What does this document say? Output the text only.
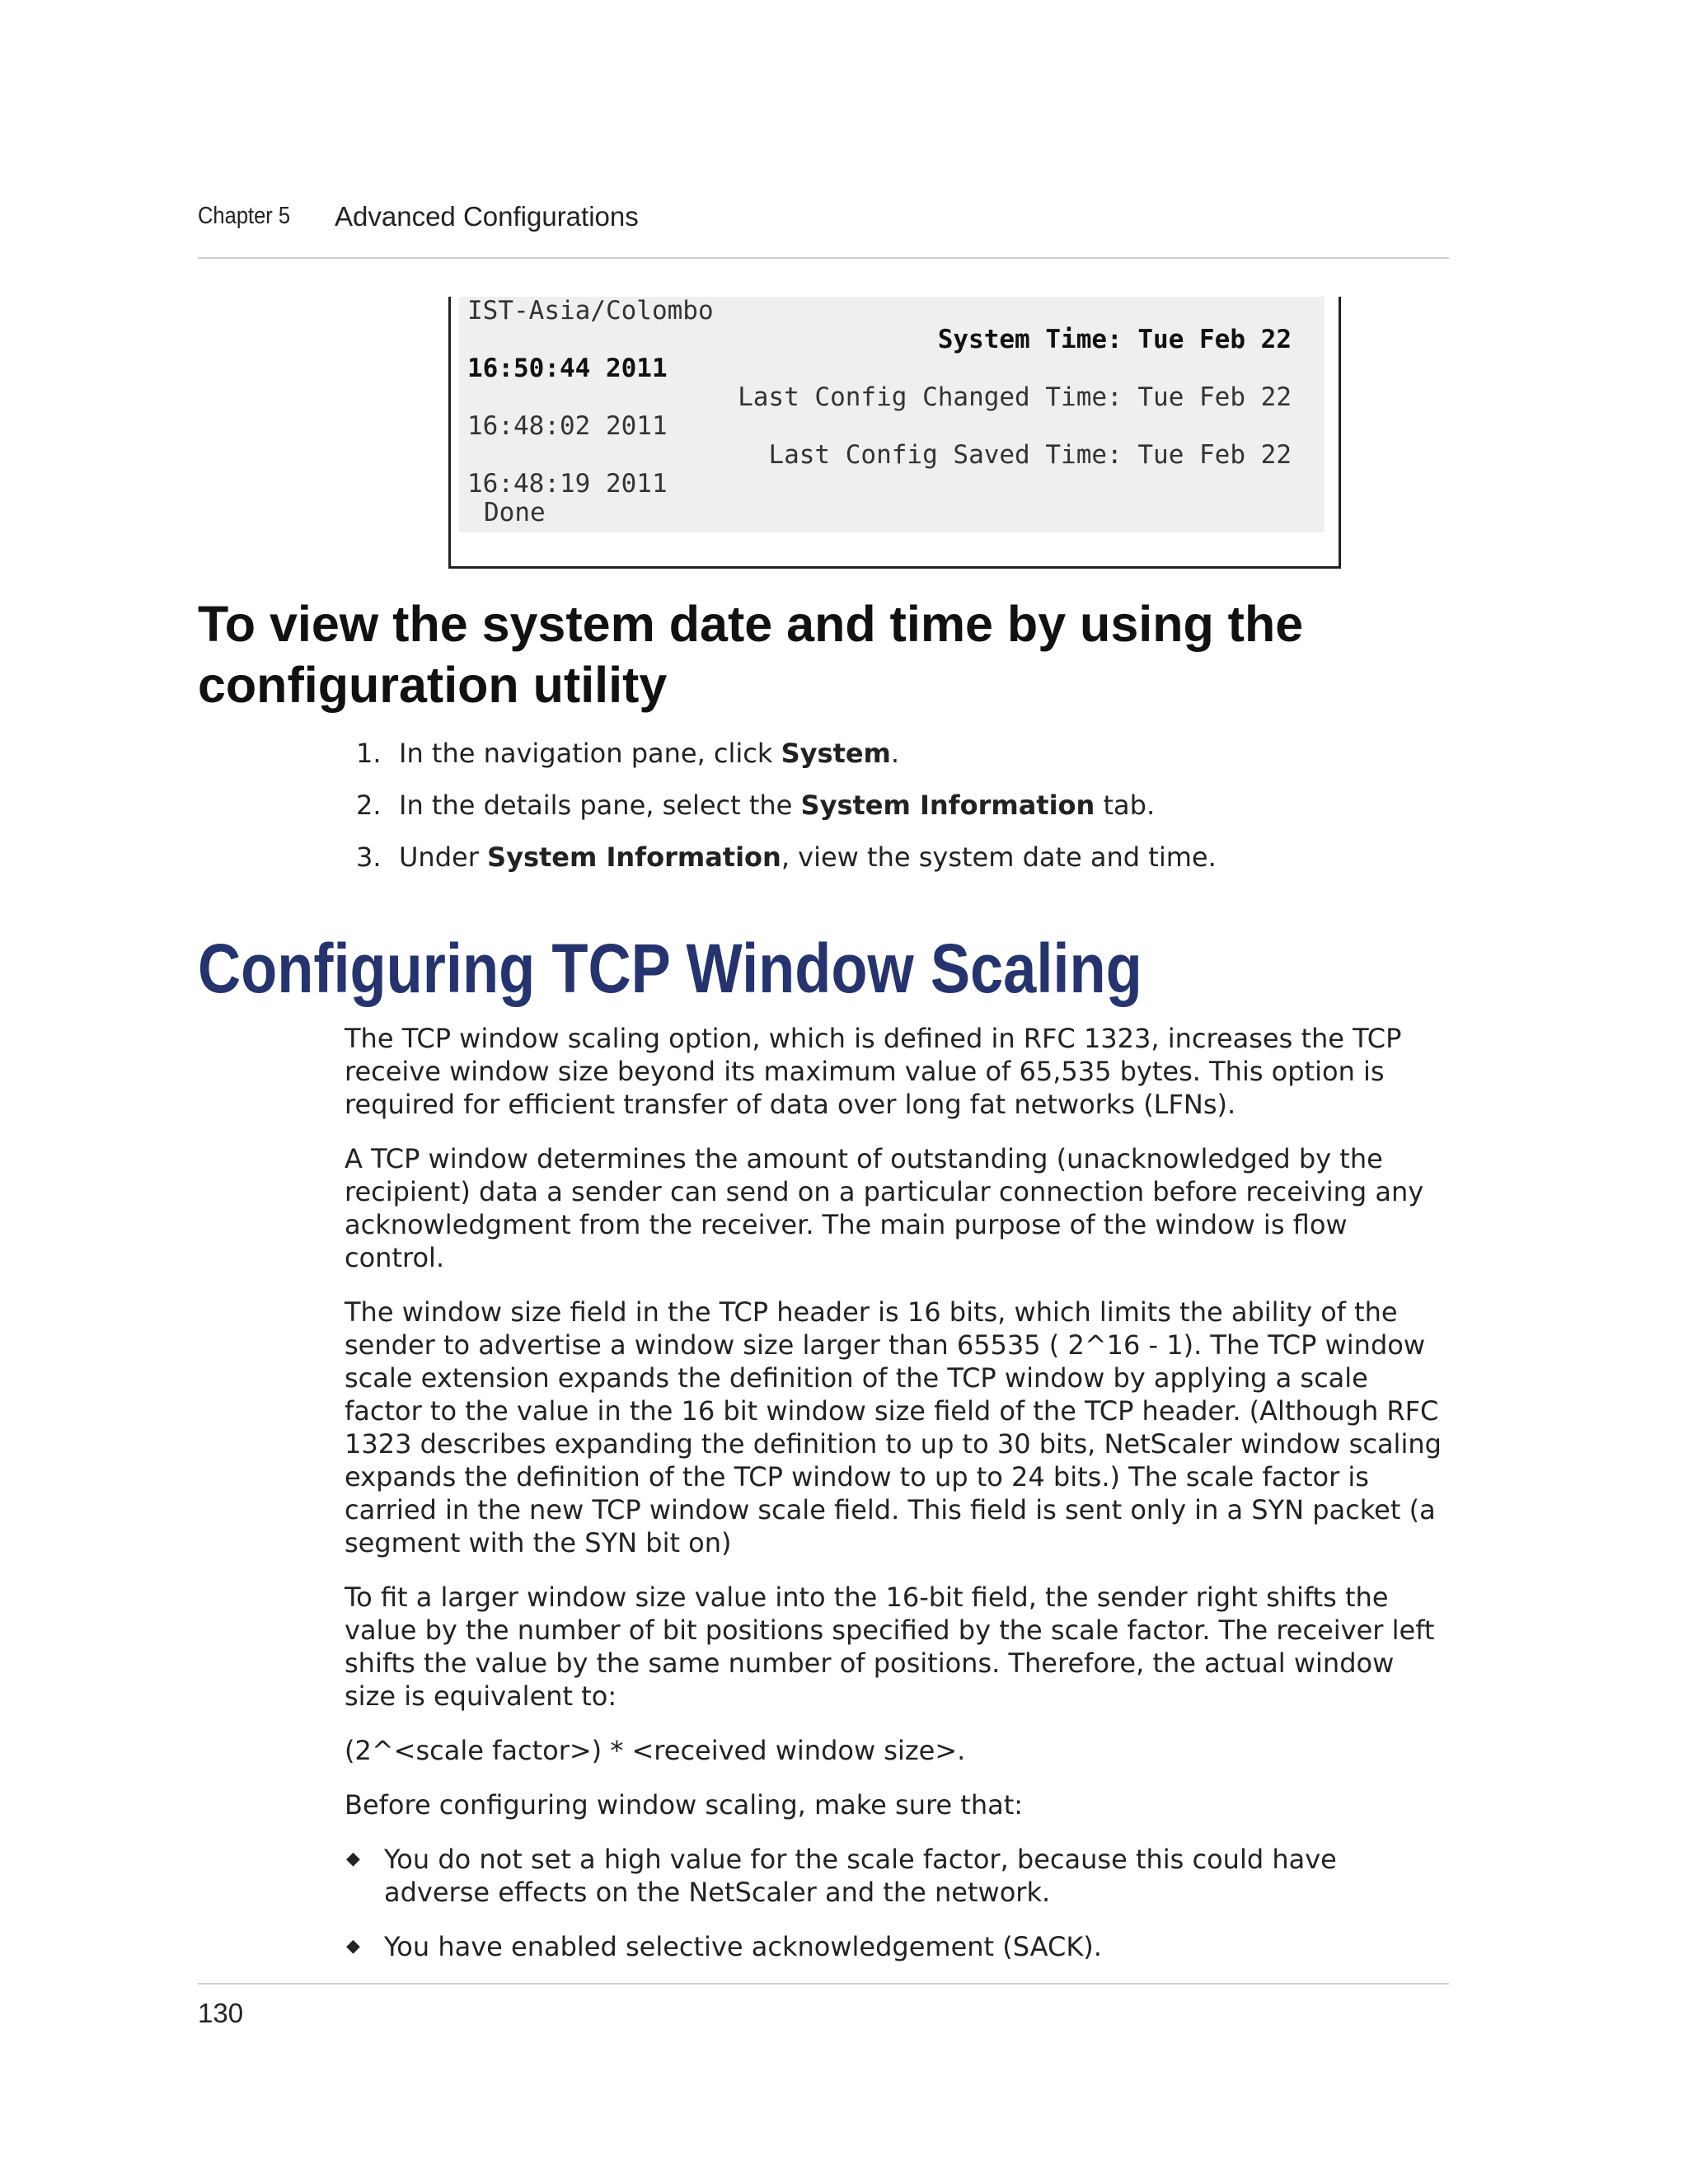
Chapter 5 Advanced Configurations
IST-Asia/Colombo
System Time: Tue Feb 22
16:50:44 2011
Last Config Changed Time: Tue Feb 22
16:48:02 2011
Last Config Saved Time: Tue Feb 22
16:48:19 2011
Done
To view the system date and time by using the configuration utility
1. In the navigation pane, click System.
2. In the details pane, select the System Information tab.
3. Under System Information, view the system date and time.
Configuring TCP Window Scaling

The TCP window scaling option, which is defined in RFC 1323, increases the TCP receive window size beyond its maximum value of 65,535 bytes. This option is required for efficient transfer of data over long fat networks (LFNs).

A TCP window determines the amount of outstanding (unacknowledged by the recipient) data a sender can send on a particular connection before receiving any acknowledgment from the receiver. The main purpose of the window is flow control.

The window size field in the TCP header is 16 bits, which limits the ability of the sender to advertise a window size larger than 65535 ( 2^16 - 1). The TCP window scale extension expands the definition of the TCP window by applying a scale factor to the value in the 16 bit window size field of the TCP header. (Although RFC 1323 describes expanding the definition to up to 30 bits, NetScaler window scaling expands the definition of the TCP window to up to 24 bits.) The scale factor is carried in the new TCP window scale field. This field is sent only in a SYN packet (a segment with the SYN bit on)

To fit a larger window size value into the 16-bit field, the sender right shifts the value by the number of bit positions specified by the scale factor. The receiver left shifts the value by the same number of positions. Therefore, the actual window size is equivalent to:

(2^<scale factor>) * <received window size>.

Before configuring window scaling, make sure that:

◆ You do not set a high value for the scale factor, because this could have adverse effects on the NetScaler and the network.
◆ You have enabled selective acknowledgement (SACK).
130
